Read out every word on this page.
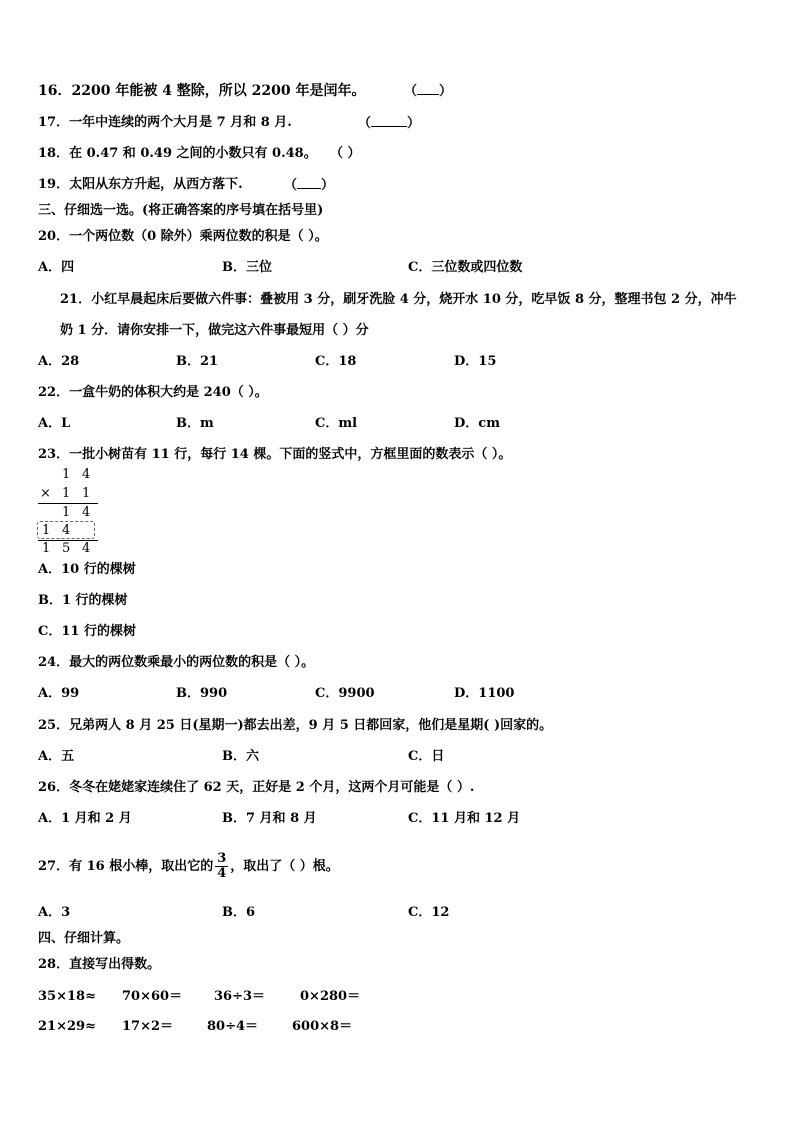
16．2200 年能被 4 整除，所以 2200 年是闰年。	（ ）
17．一年中连续的两个大月是 7 月和 8 月.	（	）
18．在 0.47 和 0.49 之间的小数只有 0.48。 （ ）
19．太阳从东方升起，从西方落下.	（ ）
三、仔细选一选。(将正确答案的序号填在括号里)
20．一个两位数（0 除外）乘两位数的积是（ ）。
A．四	B．三位	C．三位数或四位数
21．小红早晨起床后要做六件事：叠被用 3 分，刷牙洗脸 4 分，烧开水 10 分，吃早饭 8 分，整理书包 2 分，冲牛
奶 1 分．请你安排一下，做完这六件事最短用（ ）分
A．28	B．21	C．18	D．15
22．一盒牛奶的体积大约是 240（ ）。
A．L	B．m	C．ml	D．cm
23．一批小树苗有 11 行，每行 14 棵。下面的竖式中，方框里面的数表示（ ）。
1 4
× 1 1
1 4
1 4
1 5 4
A．10 行的棵树
B．1 行的棵树
C．11 行的棵树
24．最大的两位数乘最小的两位数的积是（ ）。
A．99	B．990	C．9900	D．1100
25．兄弟两人 8 月 25 日(星期一)都去出差，9 月 5 日都回家，他们是星期( )回家的。
A．五	B．六	C．日
26．冬冬在姥姥家连续住了 62 天，正好是 2 个月，这两个月可能是（ ）.
A．1 月和 2 月	B．7 月和 8 月	C．11 月和 12 月
27．有 16 根小棒，取出它的 $\frac{3}{4}$ ，取出了（ ）根。
A．3	B．6	C．12
四、仔细计算。
28．直接写出得数。
35×18≈ 70×60＝ 36÷3＝	0×280＝
21×29≈ 17×2＝	80÷4＝	600×8＝
